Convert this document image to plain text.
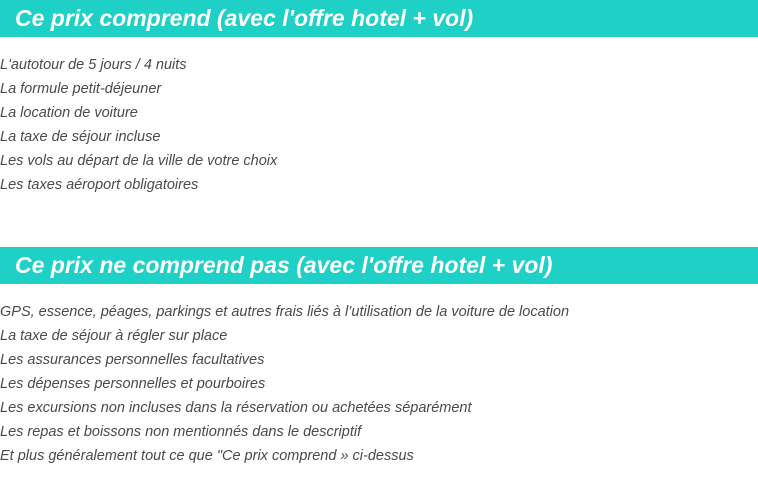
Ce prix comprend (avec l'offre hotel + vol)
L'autotour de 5 jours / 4 nuits
La formule petit-déjeuner
La location de voiture
La taxe de séjour incluse
Les vols au départ de la ville de votre choix
Les taxes aéroport obligatoires
Ce prix ne comprend pas (avec l'offre hotel + vol)
GPS, essence, péages, parkings et autres frais liés à l’utilisation de la voiture de location
La taxe de séjour à régler sur place
Les assurances personnelles facultatives
Les dépenses personnelles et pourboires
Les excursions non incluses dans la réservation ou achetées séparément
Les repas et boissons non mentionnés dans le descriptif
Et plus généralement tout ce que "Ce prix comprend » ci-dessus
